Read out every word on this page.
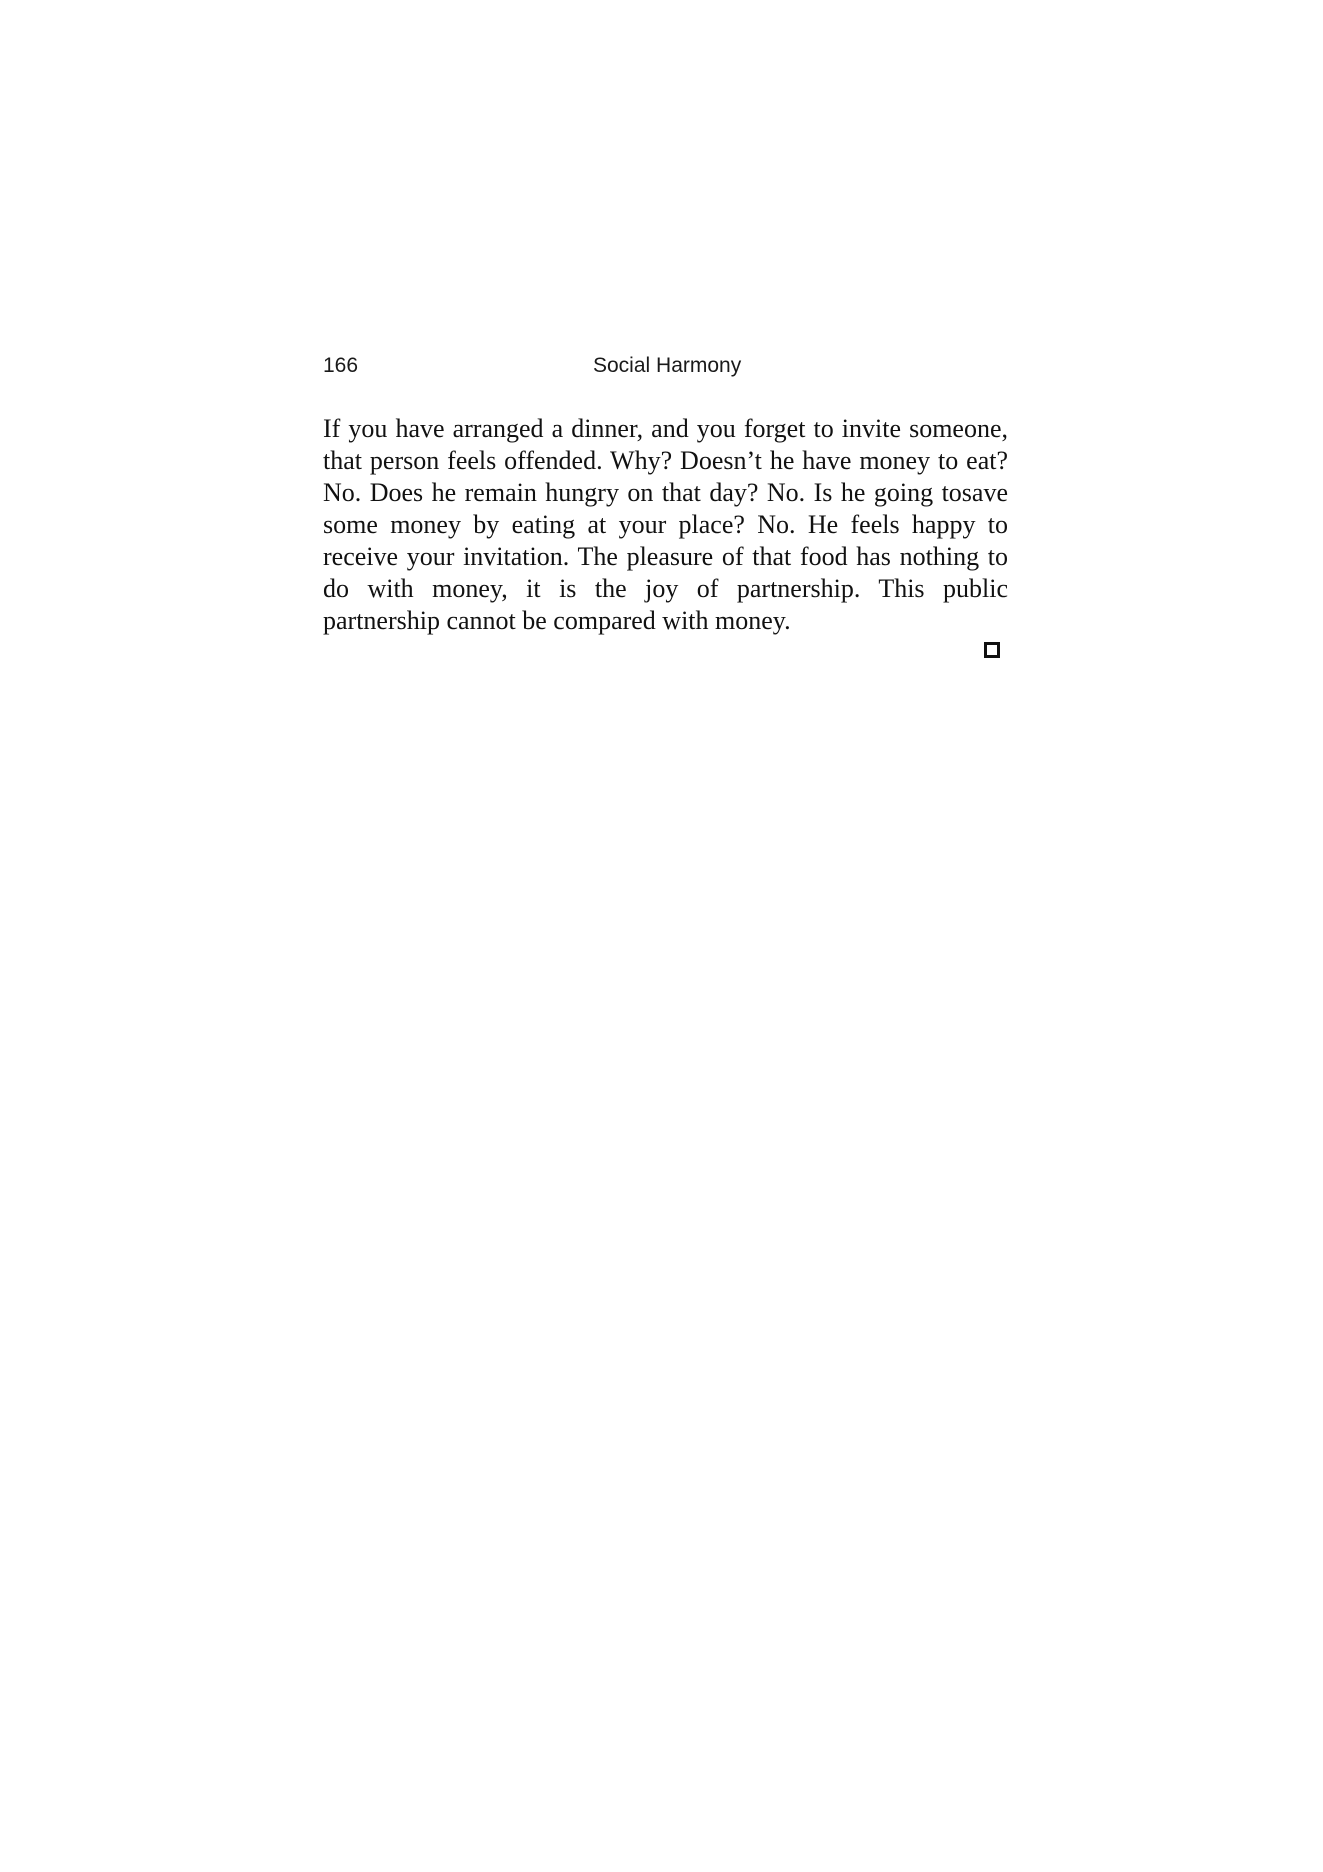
166	Social Harmony

If you have arranged a dinner, and you forget to invite someone, that person feels offended. Why? Doesn’t he have money to eat? No. Does he remain hungry on that day? No. Is he going tosave some money by eating at your place? No. He feels happy to receive your invitation. The pleasure of that food has nothing to do with money, it is the joy of partnership. This public partnership cannot be compared with money.
